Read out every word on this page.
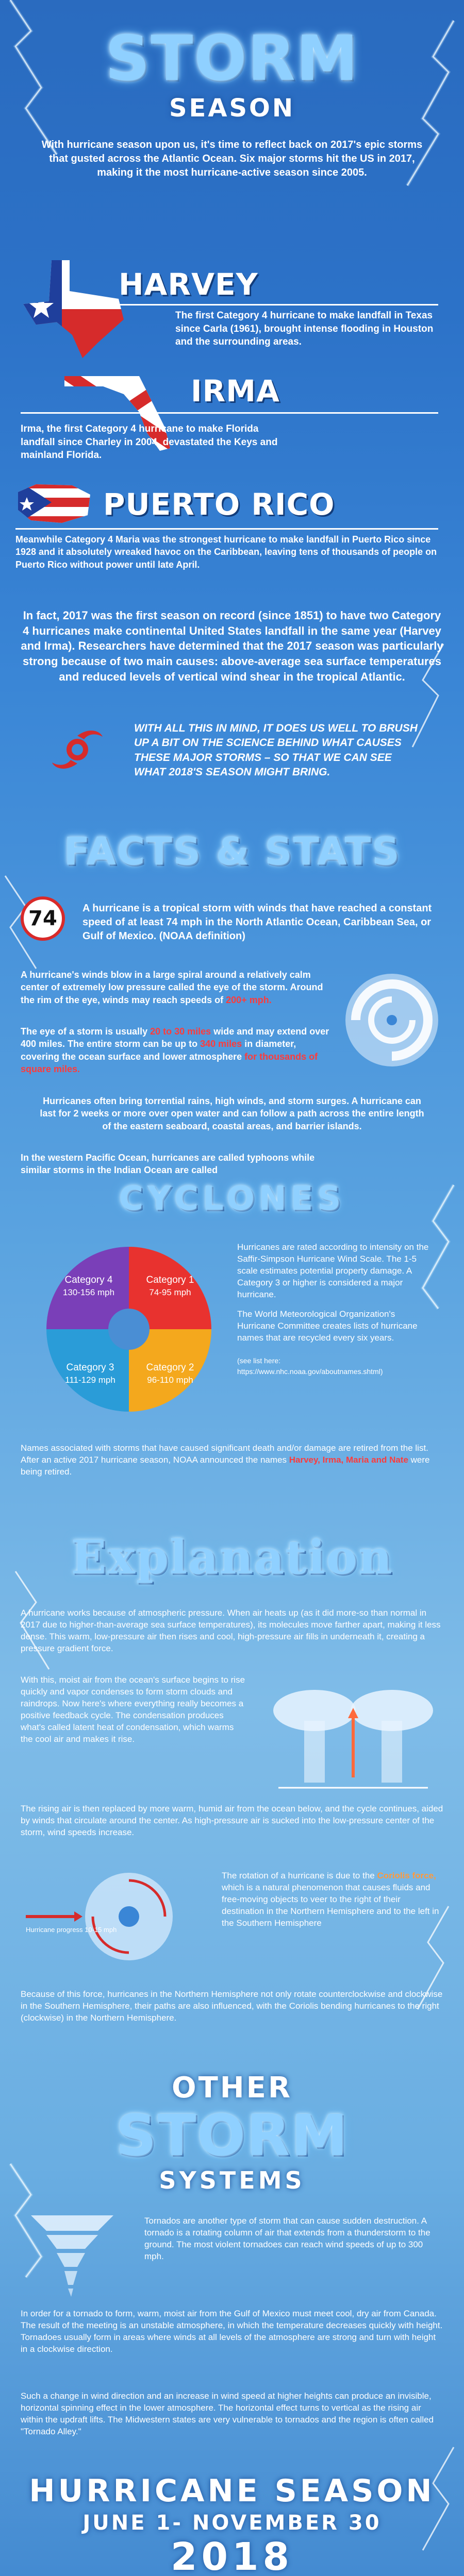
STORM
SEASON

With hurricane season upon us, it's time to reflect back on 2017's epic storms that gusted across the Atlantic Ocean. Six major storms hit the US in 2017, making it the most hurricane-active season since 2005.

HARVEY

The first Category 4 hurricane to make landfall in Texas since Carla (1961), brought intense flooding in Houston and the surrounding areas.

IRMA

Irma, the first Category 4 hurricane to make Florida landfall since Charley in 2004, devastated the Keys and mainland Florida.

PUERTO RICO

Meanwhile Category 4 Maria was the strongest hurricane to make landfall in Puerto Rico since 1928 and it absolutely wreaked havoc on the Caribbean, leaving tens of thousands of people on Puerto Rico without power until late April.

In fact, 2017 was the first season on record (since 1851) to have two Category 4 hurricanes make continental United States landfall in the same year (Harvey and Irma). Researchers have determined that the 2017 season was particularly strong because of two main causes: above-average sea surface temperatures and reduced levels of vertical wind shear in the tropical Atlantic.

WITH ALL THIS IN MIND, IT DOES US WELL TO BRUSH UP A BIT ON THE SCIENCE BEHIND WHAT CAUSES THESE MAJOR STORMS – SO THAT WE CAN SEE WHAT 2018'S SEASON MIGHT BRING.

FACTS & STATS
74 A hurricane is a tropical storm with winds that have reached a constant speed of at least 74 mph in the North Atlantic Ocean, Caribbean Sea, or Gulf of Mexico. (NOAA definition)

A hurricane's winds blow in a large spiral around a relatively calm center of extremely low pressure called the eye of the storm. Around the rim of the eye, winds may reach speeds of 200+ mph.

The eye of a storm is usually 20 to 30 miles wide and may extend over 400 miles. The entire storm can be up to 340 miles in diameter, covering the ocean surface and lower atmosphere for thousands of square miles.

Hurricanes often bring torrential rains, high winds, and storm surges. A hurricane can last for 2 weeks or more over open water and can follow a path across the entire length of the eastern seaboard, coastal areas, and barrier islands.

In the western Pacific Ocean, hurricanes are called typhoons while similar storms in the Indian Ocean are called

CYCLONES
Category 1
74-95 mph
Category 2
96-110 mph
Category 3
111-129 mph
Category 4
130-156 mph

Hurricanes are rated according to intensity on the Saffir-Simpson Hurricane Wind Scale. The 1-5 scale estimates potential property damage. A Category 3 or higher is considered a major hurricane.

The World Meteorological Organization's Hurricane Committee creates lists of hurricane names that are recycled every six years.

(see list here:

https://www.nhc.noaa.gov/aboutnames.shtml)

Names associated with storms that have caused significant death and/or damage are retired from the list. After an active 2017 hurricane season, NOAA announced the names Harvey, Irma, Maria and Nate were being retired.

Explanation

A hurricane works because of atmospheric pressure. When air heats up (as it did more-so than normal in 2017 due to higher-than-average sea surface temperatures), its molecules move farther apart, making it less dense. This warm, low-pressure air then rises and cool, high-pressure air fills in underneath it, creating a pressure gradient force.

With this, moist air from the ocean's surface begins to rise quickly and vapor condenses to form storm clouds and raindrops. Now here's where everything really becomes a positive feedback cycle. The condensation produces what's called latent heat of condensation, which warms the cool air and makes it rise.

The rising air is then replaced by more warm, humid air from the ocean below, and the cycle continues, aided by winds that circulate around the center. As high-pressure air is sucked into the low-pressure center of the storm, wind speeds increase.

Hurricane progress 10-15 mph

The rotation of a hurricane is due to the Coriolis force, which is a natural phenomenon that causes fluids and free-moving objects to veer to the right of their destination in the Northern Hemisphere and to the left in the Southern Hemisphere

Because of this force, hurricanes in the Northern Hemisphere not only rotate counterclockwise and clockwise in the Southern Hemisphere, their paths are also influenced, with the Coriolis bending hurricanes to the right (clockwise) in the Northern Hemisphere.

OTHER
STORM
SYSTEMS

Tornados are another type of storm that can cause sudden destruction. A tornado is a rotating column of air that extends from a thunderstorm to the ground. The most violent tornadoes can reach wind speeds of up to 300 mph.

In order for a tornado to form, warm, moist air from the Gulf of Mexico must meet cool, dry air from Canada. The result of the meeting is an unstable atmosphere, in which the temperature decreases quickly with height. Tornadoes usually form in areas where winds at all levels of the atmosphere are strong and turn with height in a clockwise direction.

Such a change in wind direction and an increase in wind speed at higher heights can produce an invisible, horizontal spinning effect in the lower atmosphere. The horizontal effect turns to vertical as the rising air within the updraft lifts. The Midwestern states are very vulnerable to tornados and the region is often called "Tornado Alley."

HURRICANE SEASON
JUNE 1- NOVEMBER 30
2018
